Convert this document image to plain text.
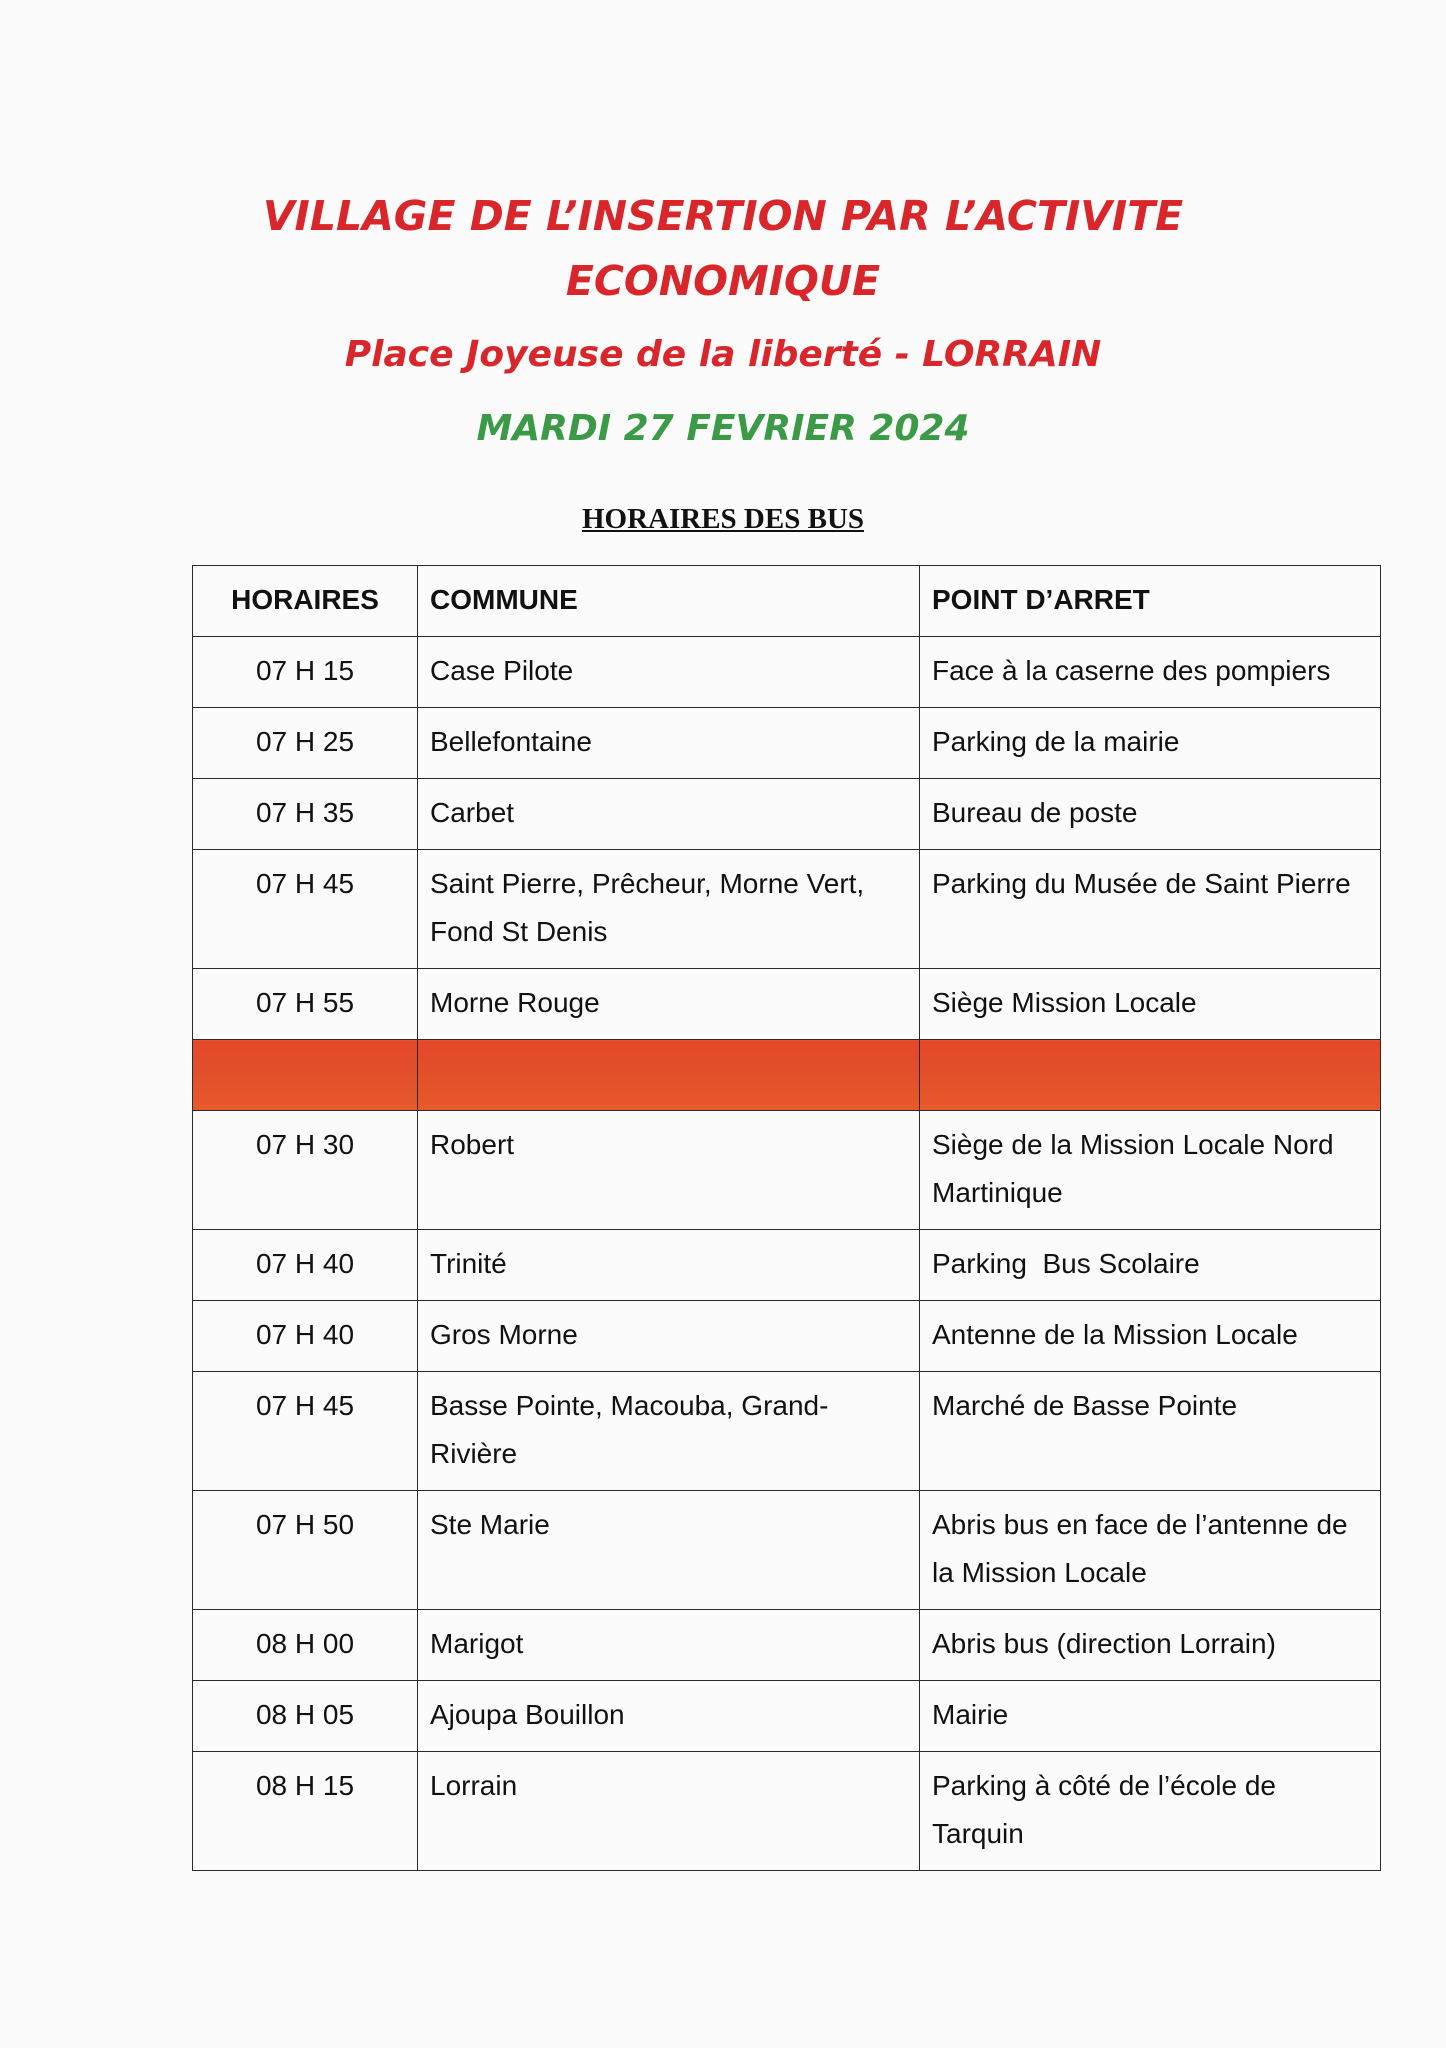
VILLAGE DE L’INSERTION PAR L’ACTIVITE
ECONOMIQUE
Place Joyeuse de la liberté - LORRAIN
MARDI 27 FEVRIER 2024
HORAIRES DES BUS
HORAIRES	COMMUNE	POINT D’ARRET
07 H 15	Case Pilote	Face à la caserne des pompiers
07 H 25	Bellefontaine	Parking de la mairie
07 H 35	Carbet	Bureau de poste
07 H 45	Saint Pierre, Prêcheur, Morne Vert, Fond St Denis	Parking du Musée de Saint Pierre
07 H 55	Morne Rouge	Siège Mission Locale

07 H 30	Robert	Siège de la Mission Locale Nord Martinique
07 H 40	Trinité	Parking  Bus Scolaire
07 H 40	Gros Morne	Antenne de la Mission Locale
07 H 45	Basse Pointe, Macouba, Grand-Rivière	Marché de Basse Pointe
07 H 50	Ste Marie	Abris bus en face de l’antenne de la Mission Locale
08 H 00	Marigot	Abris bus (direction Lorrain)
08 H 05	Ajoupa Bouillon	Mairie
08 H 15	Lorrain	Parking à côté de l’école de Tarquin
